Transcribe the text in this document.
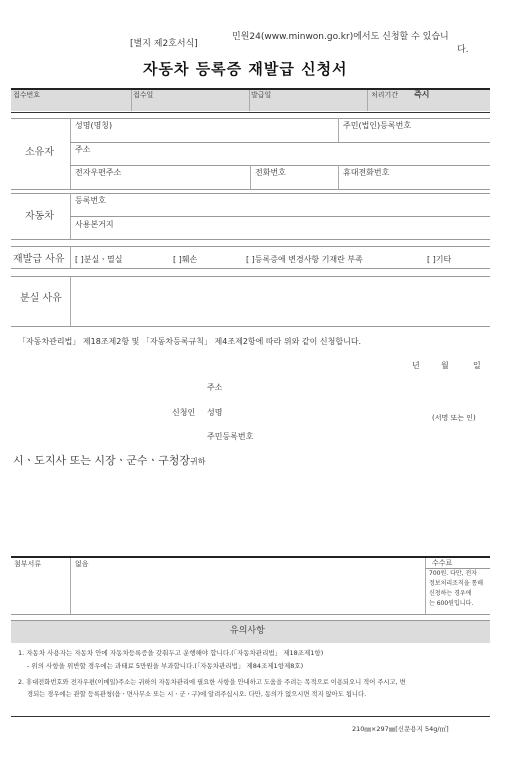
[별지 제2호서식]
민원24(www.minwon.go.kr)에서도 신청할 수 있습니
다.
자동차 등록증 재발급 신청서
접수번호	접수일	발급일	처리기간 즉시
소유자
성명(명칭)	주민(법인)등록번호
주소
전자우편주소	전화번호	휴대전화번호
자동차
등록번호
사용본거지
재발급 사유 [ ]분실ㆍ멸실	[ ]훼손	[ ]등록증에 변경사항 기재란 부족	[ ]기타
분실 사유
「자동차관리법」 제18조제2항 및 「자동차등록규칙」 제4조제2항에 따라 위와 같이 신청합니다.
년	월	일
주소
신청인 성명
(서명 또는 인)
주민등록번호
시ㆍ도지사 또는 시장ㆍ군수ㆍ구청장귀하
첨부서류	없음	수수료
700원. 다만, 전자
정보처리조직을 통해
신청하는 경우에
는 600원입니다.
유의사항
1. 자동차 사용자는 자동차 안에 자동차등록증을 갖춰두고 운행해야 합니다.(「자동차관리법」 제18조제1항)
- 위의 사항을 위반할 경우에는 과태료 5만원을 부과합니다.(「자동차관리법」 제84조제1항제8호)
2. 휴대전화번호와 전자우편(이메일)주소는 귀하의 자동차관리에 필요한 사항을 안내하고 도움을 주려는 목적으로 이용되오니 적어 주시고, 변
경되는 경우에는 관할 등록관청(읍ㆍ면사무소 또는 시ㆍ군ㆍ구)에 알려주십시오. 다만, 동의가 없으시면 적지 않아도 됩니다.
210㎜×297㎜[신문용지 54g/㎡]
